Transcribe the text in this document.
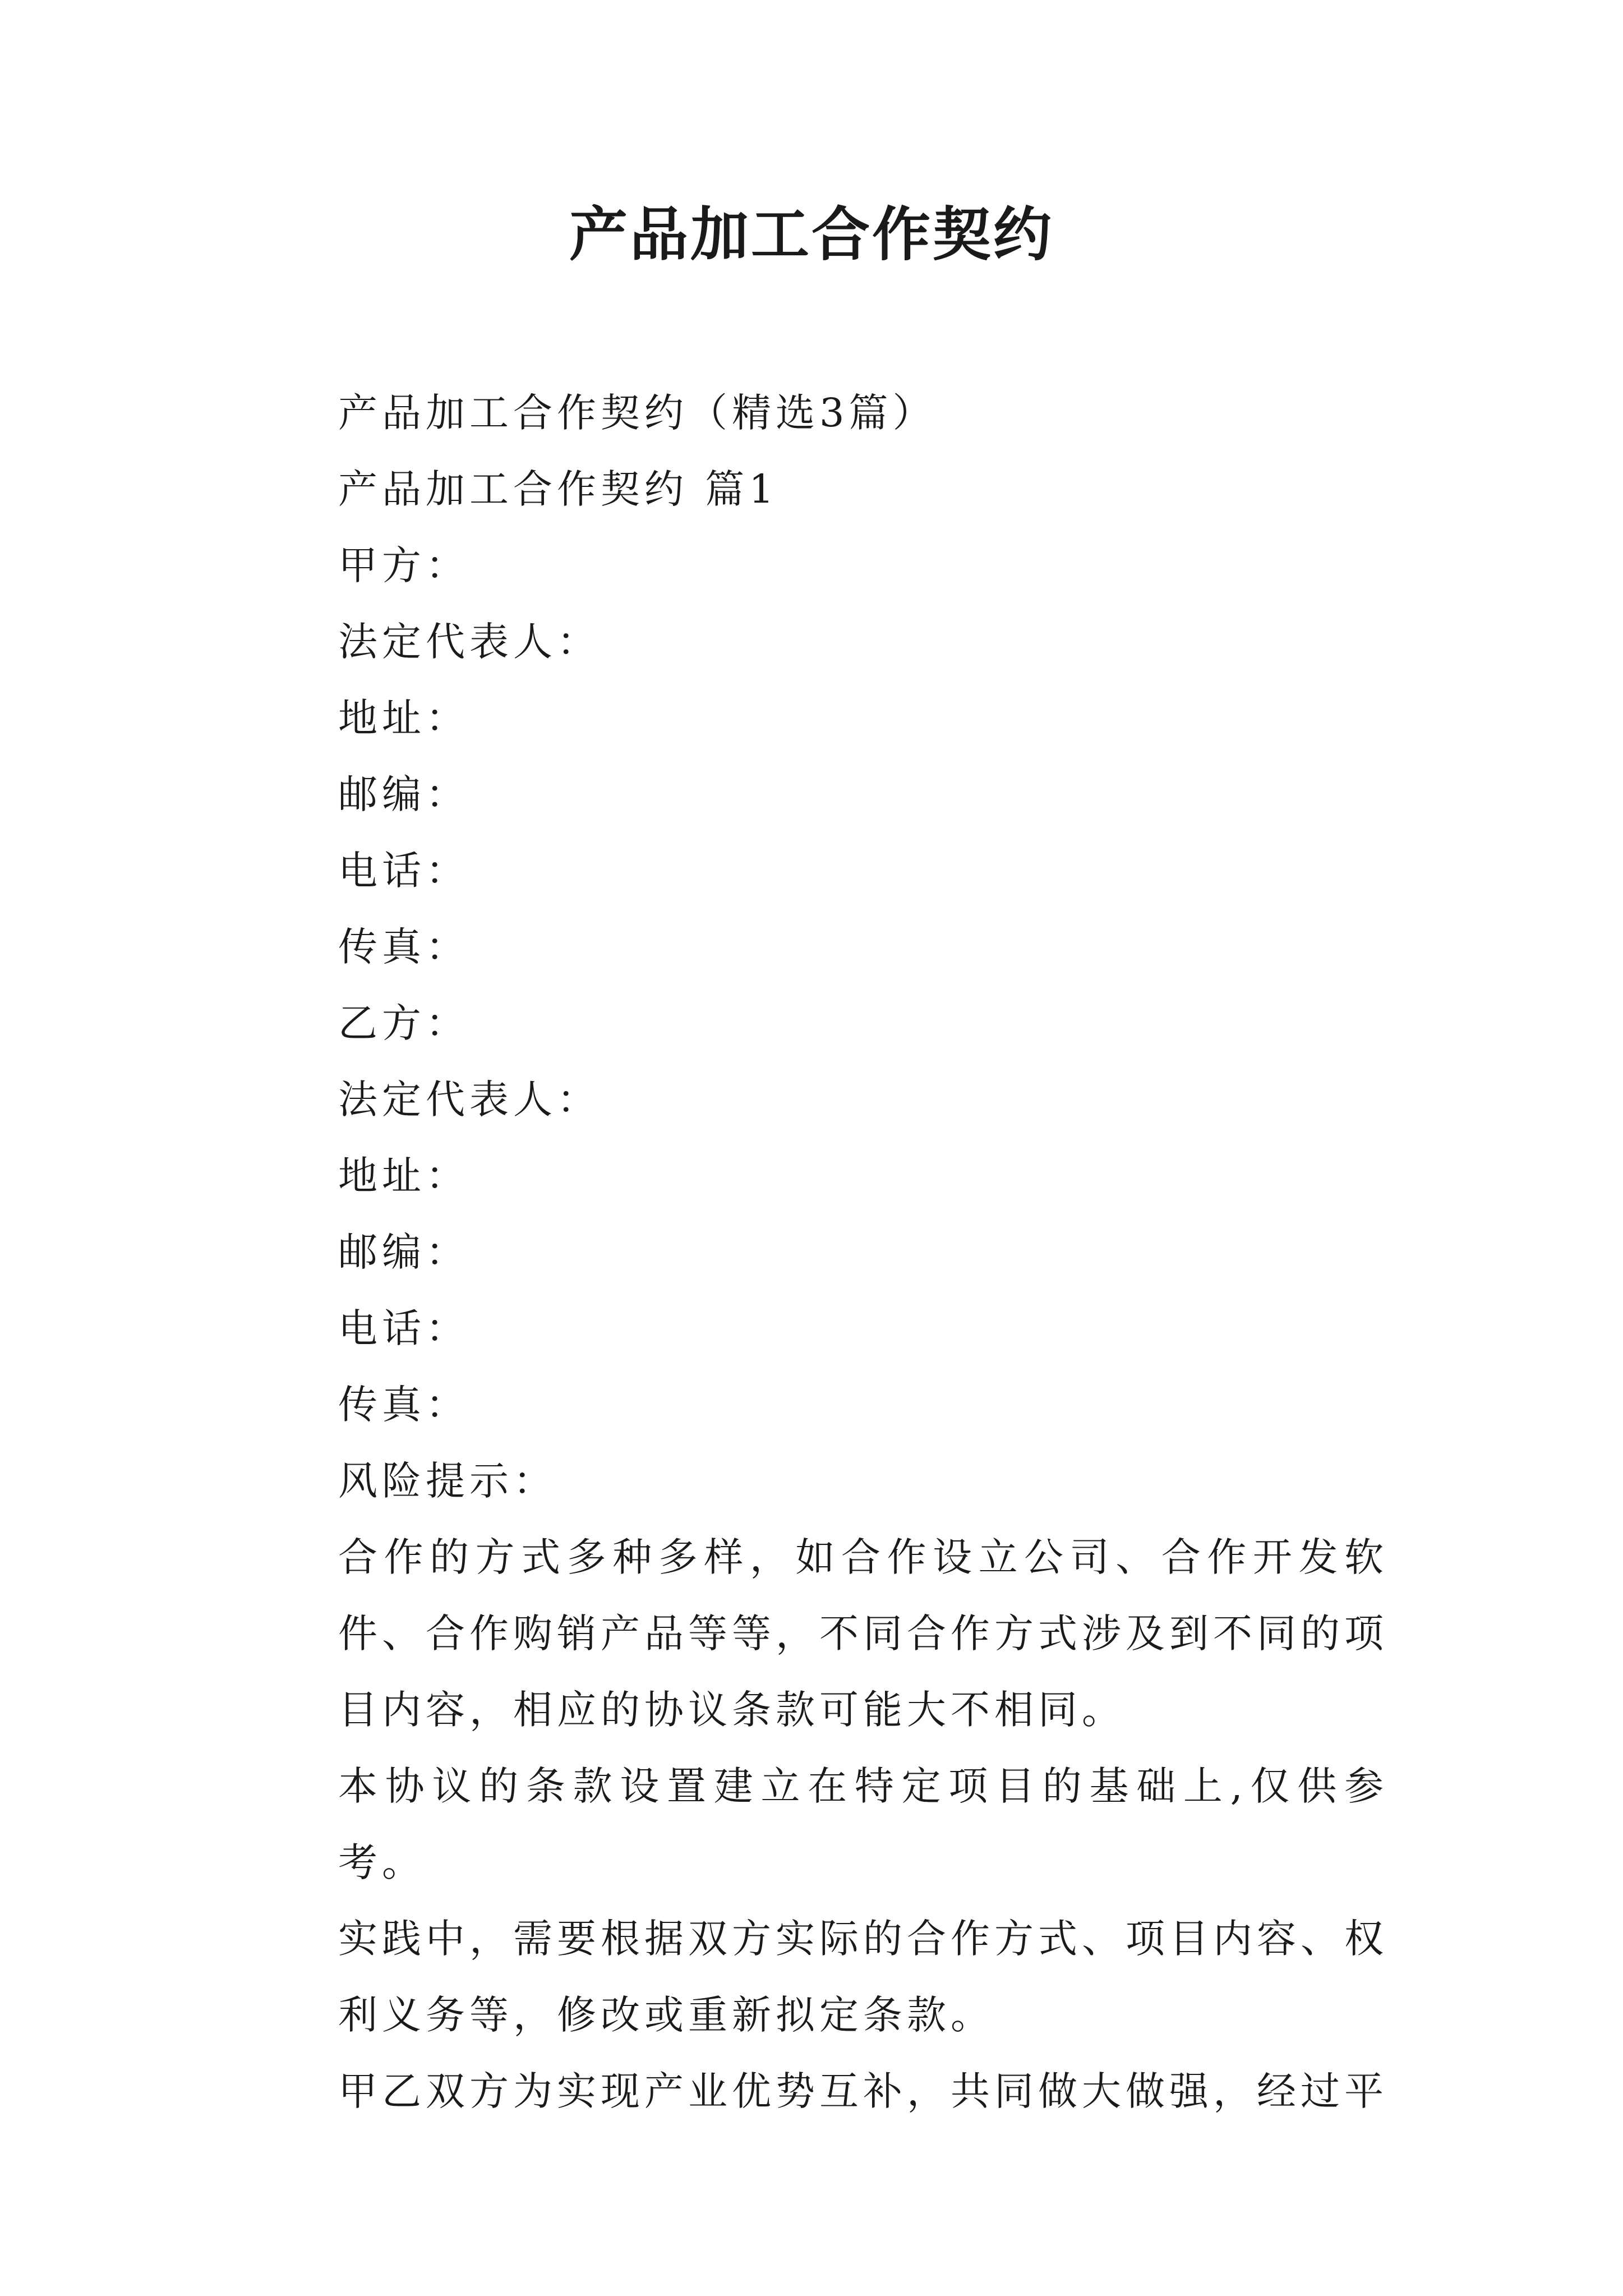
产品加工合作契约
产品加工合作契约（精选3篇）
产品加工合作契约 篇1
甲方：
法定代表人：
地址：
邮编：
电话：
传真：
乙方：
法定代表人：
地址：
邮编：
电话：
传真：
风险提示：

合作的方式多种多样，如合作设立公司、合作开发软件、合作购销产品等等，不同合作方式涉及到不同的项目内容，相应的协议条款可能大不相同。

本协议的条款设置建立在特定项目的基础上,仅供参考。

实践中，需要根据双方实际的合作方式、项目内容、权利义务等，修改或重新拟定条款。

甲乙双方为实现产业优势互补，共同做大做强，经过平
